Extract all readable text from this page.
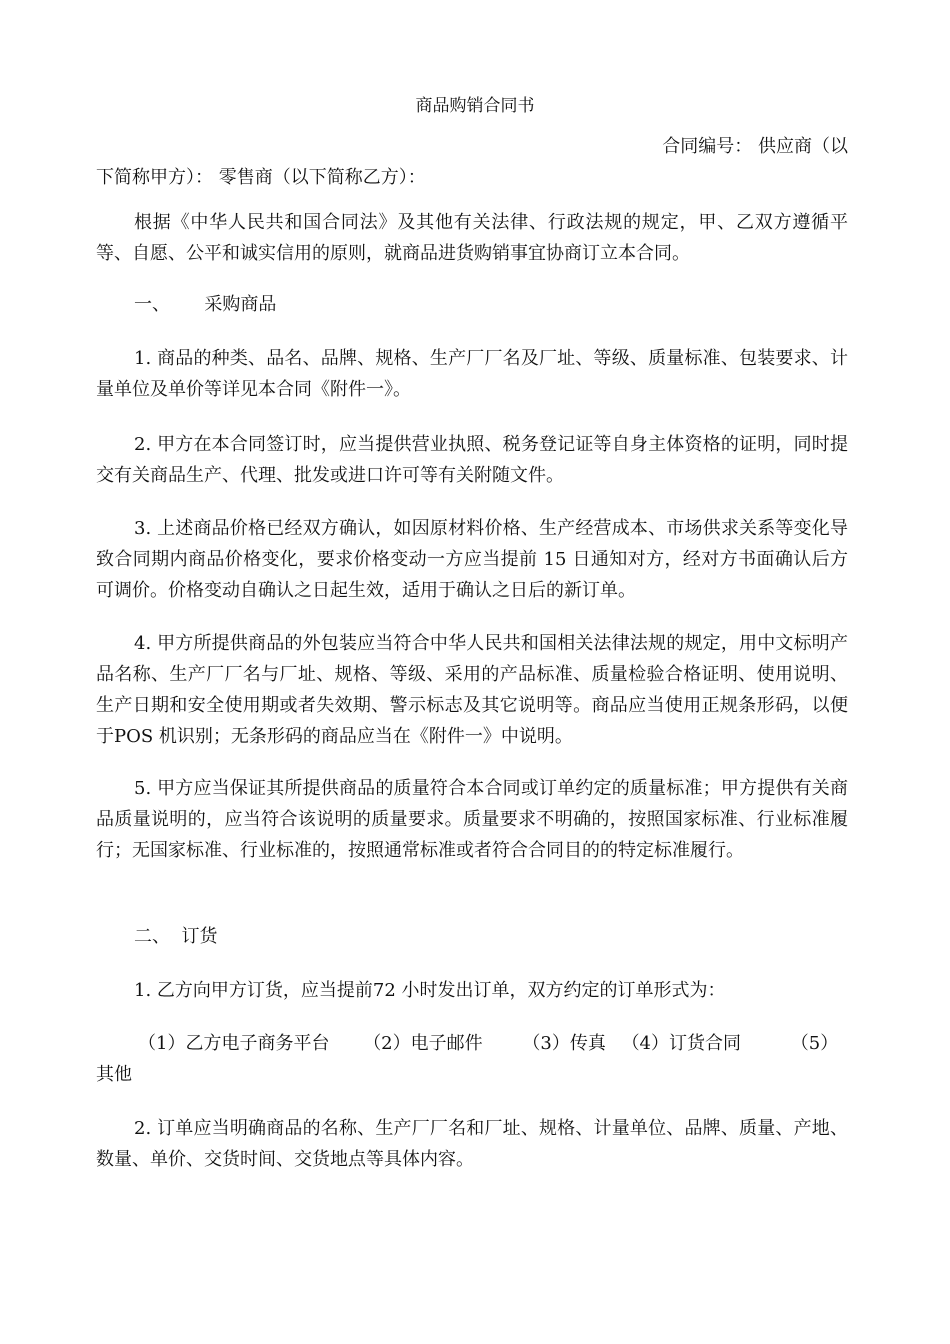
商品购销合同书
合同编号： 供应商（以
下简称甲方）： 零售商（以下简称乙方）：
根据《中华人民共和国合同法》及其他有关法律、行政法规的规定，甲、乙双方遵循平等、自愿、公平和诚实信用的原则，就商品进货购销事宜协商订立本合同。
一、      采购商品
1. 商品的种类、品名、品牌、规格、生产厂厂名及厂址、等级、质量标准、包装要求、计量单位及单价等详见本合同《附件一》。
2. 甲方在本合同签订时，应当提供营业执照、税务登记证等自身主体资格的证明，同时提交有关商品生产、代理、批发或进口许可等有关附随文件。
3. 上述商品价格已经双方确认，如因原材料价格、生产经营成本、市场供求关系等变化导致合同期内商品价格变化，要求价格变动一方应当提前 15 日通知对方，经对方书面确认后方可调价。价格变动自确认之日起生效，适用于确认之日后的新订单。
4. 甲方所提供商品的外包装应当符合中华人民共和国相关法律法规的规定，用中文标明产品名称、生产厂厂名与厂址、规格、等级、采用的产品标准、质量检验合格证明、使用说明、生产日期和安全使用期或者失效期、警示标志及其它说明等。商品应当使用正规条形码，以便于POS 机识别；无条形码的商品应当在《附件一》中说明。
5. 甲方应当保证其所提供商品的质量符合本合同或订单约定的质量标准；甲方提供有关商品质量说明的，应当符合该说明的质量要求。质量要求不明确的，按照国家标准、行业标准履行；无国家标准、行业标准的，按照通常标准或者符合合同目的的特定标准履行。
二、  订货
1. 乙方向甲方订货，应当提前72 小时发出订单，双方约定的订单形式为：
（1）乙方电子商务平台 （2）电子邮件 （3）传真 （4）订货合同	（5）
其他
2. 订单应当明确商品的名称、生产厂厂名和厂址、规格、计量单位、品牌、质量、产地、数量、单价、交货时间、交货地点等具体内容。
